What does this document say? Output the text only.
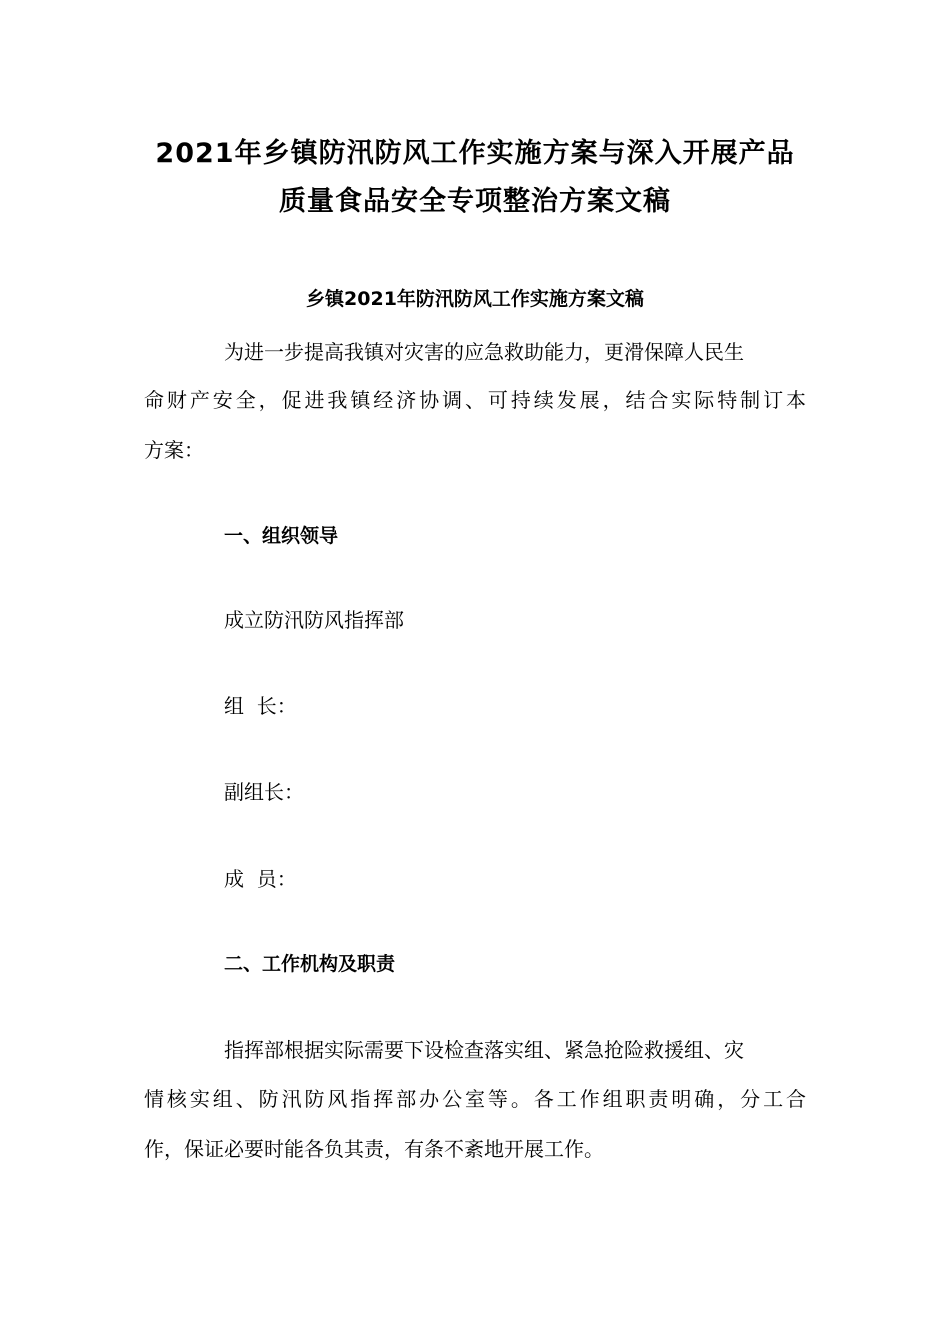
2021年乡镇防汛防风工作实施方案与深入开展产品
质量食品安全专项整治方案文稿
乡镇2021年防汛防风工作实施方案文稿
为进一步提高我镇对灾害的应急救助能力，更滑保障人民生
命财产安全，促进我镇经济协调、可持续发展，结合实际特制订本
方案：
一、组织领导
成立防汛防风指挥部
组  长：
副组长：
成  员：
二、工作机构及职责
指挥部根据实际需要下设检查落实组、紧急抢险救援组、灾
情核实组、防汛防风指挥部办公室等。各工作组职责明确，分工合
作，保证必要时能各负其责，有条不紊地开展工作。
